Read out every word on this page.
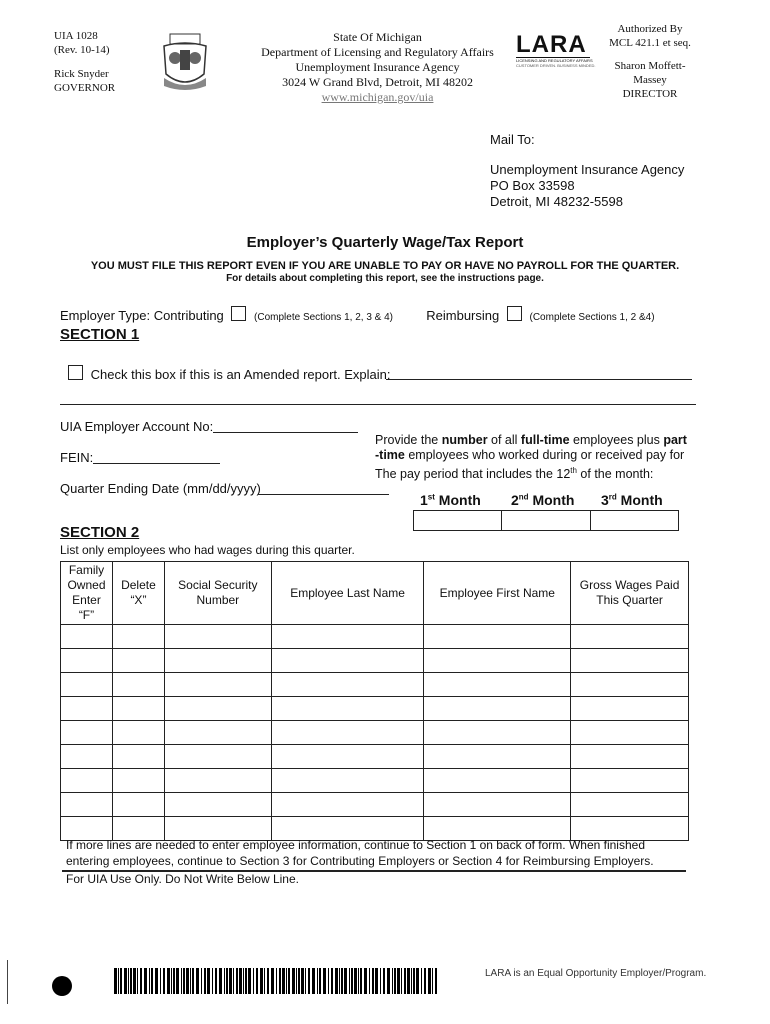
UIA 1028
(Rev. 10-14)
Rick Snyder
GOVERNOR
State Of Michigan
Department of Licensing and Regulatory Affairs
Unemployment Insurance Agency
3024 W Grand Blvd, Detroit, MI 48202
www.michigan.gov/uia
LARA
LICENSING AND REGULATORY AFFAIRS
CUSTOMER DRIVEN. BUSINESS MINDED.
Authorized By
MCL 421.1 et seq.
Sharon Moffett-
Massey
DIRECTOR
Mail To:
Unemployment Insurance Agency
PO Box 33598
Detroit, MI 48232-5598
Employer’s Quarterly Wage/Tax Report
YOU MUST FILE THIS REPORT EVEN IF YOU ARE UNABLE TO PAY OR HAVE NO PAYROLL FOR THE QUARTER.
For details about completing this report, see the instructions page.
Employer Type: Contributing	(Complete Sections 1, 2, 3 & 4)	Reimbursing	(Complete Sections 1, 2 &4)
SECTION 1
Check this box if this is an Amended report. Explain:
UIA Employer Account No:
FEIN:
Quarter Ending Date (mm/dd/yyyy)
Provide the number of all full-time employees plus part
-time employees who worked during or received pay for
The pay period that includes the 12th of the month:
1st Month 2nd Month 3rd Month

SECTION 2
List only employees who had wages during this quarter.
Family Owned Enter “F”	Delete “X”	Social Security Number	Employee Last Name	Employee First Name	Gross Wages Paid This Quarter

If more lines are needed to enter employee information, continue to Section 1 on back of form. When finished
entering employees, continue to Section 3 for Contributing Employers or Section 4 for Reimbursing Employers.
For UIA Use Only. Do Not Write Below Line.
LARA is an Equal Opportunity Employer/Program.
